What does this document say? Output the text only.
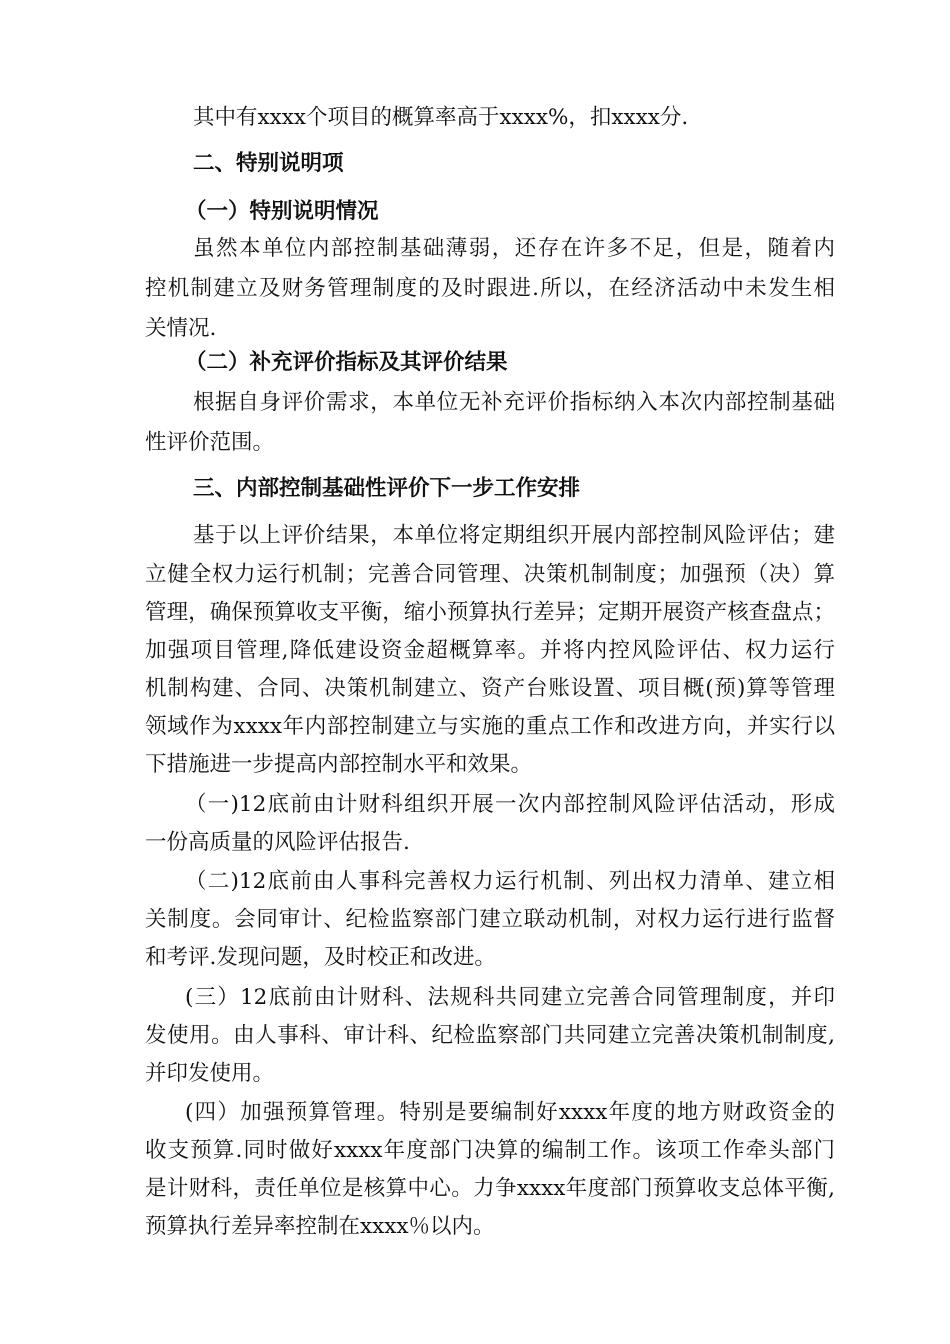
其中有xxxx个项目的概算率高于xxxx%，扣xxxx分.
二、特别说明项
（一）特别说明情况
虽然本单位内部控制基础薄弱，还存在许多不足，但是，随着内
控机制建立及财务管理制度的及时跟进.所以，在经济活动中未发生相
关情况.
（二）补充评价指标及其评价结果
根据自身评价需求，本单位无补充评价指标纳入本次内部控制基础
性评价范围。
三、内部控制基础性评价下一步工作安排
基于以上评价结果，本单位将定期组织开展内部控制风险评估；建
立健全权力运行机制；完善合同管理、决策机制制度；加强预（决）算
管理，确保预算收支平衡，缩小预算执行差异；定期开展资产核查盘点；
加强项目管理,降低建设资金超概算率。并将内控风险评估、权力运行
机制构建、合同、决策机制建立、资产台账设置、项目概(预)算等管理
领域作为xxxx年内部控制建立与实施的重点工作和改进方向，并实行以
下措施进一步提高内部控制水平和效果。
（一)12底前由计财科组织开展一次内部控制风险评估活动，形成
一份高质量的风险评估报告.
（二)12底前由人事科完善权力运行机制、列出权力清单、建立相
关制度。会同审计、纪检监察部门建立联动机制，对权力运行进行监督
和考评.发现问题，及时校正和改进。
(三）12底前由计财科、法规科共同建立完善合同管理制度，并印
发使用。由人事科、审计科、纪检监察部门共同建立完善决策机制制度,
并印发使用。
(四）加强预算管理。特别是要编制好xxxx年度的地方财政资金的
收支预算.同时做好xxxx年度部门决算的编制工作。该项工作牵头部门
是计财科，责任单位是核算中心。力争xxxx年度部门预算收支总体平衡,
预算执行差异率控制在xxxx％以内。
